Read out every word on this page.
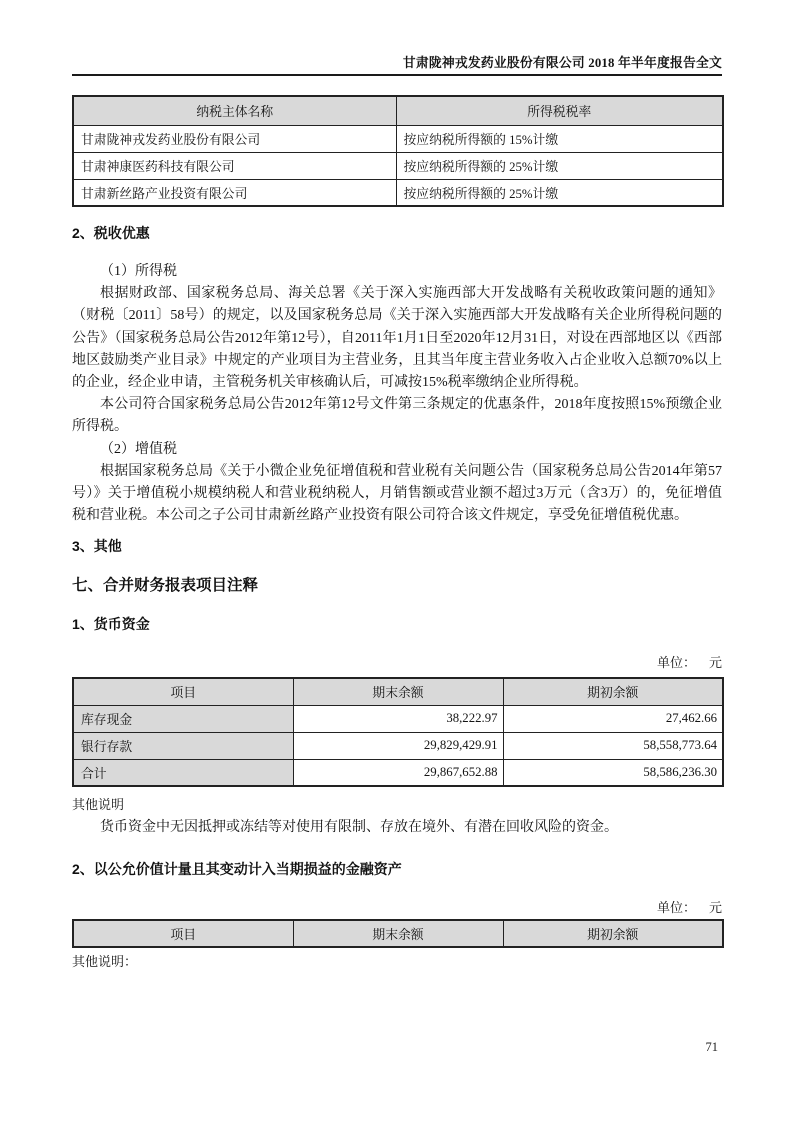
甘肃陇神戎发药业股份有限公司 2018 年半年度报告全文
纳税主体名称	所得税税率
甘肃陇神戎发药业股份有限公司	按应纳税所得额的 15%计缴
甘肃神康医药科技有限公司	按应纳税所得额的 25%计缴
甘肃新丝路产业投资有限公司	按应纳税所得额的 25%计缴
2、税收优惠

（1）所得税

根据财政部、国家税务总局、海关总署《关于深入实施西部大开发战略有关税收政策问题的通知》（财税〔2011〕58号）的规定，以及国家税务总局《关于深入实施西部大开发战略有关企业所得税问题的公告》（国家税务总局公告2012年第12号），自2011年1月1日至2020年12月31日，对设在西部地区以《西部地区鼓励类产业目录》中规定的产业项目为主营业务，且其当年度主营业务收入占企业收入总额70%以上的企业，经企业申请，主管税务机关审核确认后，可减按15%税率缴纳企业所得税。

本公司符合国家税务总局公告2012年第12号文件第三条规定的优惠条件，2018年度按照15%预缴企业所得税。

（2）增值税

根据国家税务总局《关于小微企业免征增值税和营业税有关问题公告（国家税务总局公告2014年第57号）》关于增值税小规模纳税人和营业税纳税人，月销售额或营业额不超过3万元（含3万）的，免征增值税和营业税。本公司之子公司甘肃新丝路产业投资有限公司符合该文件规定，享受免征增值税优惠。

3、其他
七、合并财务报表项目注释
1、货币资金
单位： 元
项目	期末余额	期初余额
库存现金	38,222.97	27,462.66
银行存款	29,829,429.91	58,558,773.64
合计	29,867,652.88	58,586,236.30
其他说明

货币资金中无因抵押或冻结等对使用有限制、存放在境外、有潜在回收风险的资金。

2、以公允价值计量且其变动计入当期损益的金融资产
单位： 元
项目	期末余额	期初余额
其他说明：
71
